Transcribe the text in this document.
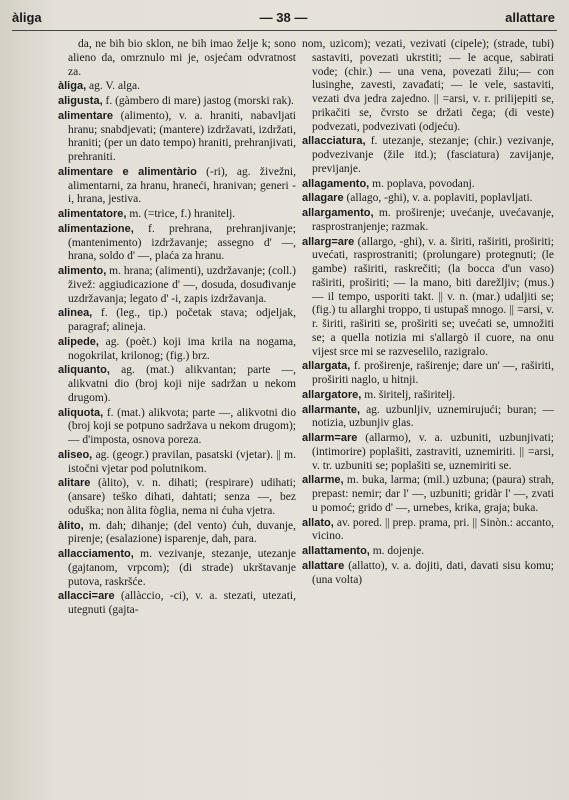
àliga	— 38 —	allattare

da, ne bih bio sklon, ne bih imao želje k; sono alieno da, omrznulo mi je, osjećam odvratnost za.

àliga, ag. V. alga.

aligusta, f. (gàmbero di mare) jastog (morski rak).

alimentare (alimento), v. a. hraniti, nabavljati hranu; snabdjevati; (mantere) izdržavati, izdržati, hraniti; (per un dato tempo) hraniti, prehranjivati, prehraniti.

alimentare e alimentàrio (-ri), ag. živežni, alimentarni, za hranu, hraneći, hranivan; generi -i, hrana, jestiva.

alimentatore, m. (=trice, f.) hranitelj.

alimentazione, f. prehrana, prehranjivanje; (mantenimento) izdržavanje; assegno d' —, hrana, soldo d' —, plaća za hranu.

alimento, m. hrana; (alimenti), uzdržavanje; (coll.) živež: aggiudicazione d' —, dosuda, dosuđivanje uzdržavanja; legato d' -i, zapis izdržavanja.

alinea, f. (leg., tip.) početak stava; odjeljak, paragraf; alineja.

alipede, ag. (poèt.) koji ima krila na nogama, nogokrilat, krilonog; (fig.) brz.

aliquanto, ag. (mat.) alikvantan; parte —, alikvatni dio (broj koji nije sadržan u nekom drugom).

aliquota, f. (mat.) alikvota; parte —, alikvotni dio (broj koji se potpuno sadržava u nekom drugom); — d'imposta, osnova poreza.

aliseo, ag. (geogr.) pravilan, pasatski (vjetar). || m. istočni vjetar pod polutnikom.

alitare (àlito), v. n. dihati; (respirare) udihati; (ansare) teško dihati, dahtati; senza —, bez oduška; non àlita fòglia, nema ni ćuha vjetra.

àlito, m. dah; dihanje; (del vento) ćuh, duvanje, pirenje; (esalazione) isparenje, dah, para.

allacciamento, m. vezivanje, stezanje, utezanje (gajtanom, vrpcom); (di strade) ukrštavanje putova, raskršće.

allacci=are (allàccio, -ci), v. a. stezati, utezati, utegnuti (gajta-

nom, uzicom); vezati, vezivati (cipele); (strade, tubi) sastaviti, povezati ukrstiti; — le acque, sabirati vode; (chir.) — una vena, povezati žilu;— con lusinghe, zavesti, zavađati; — le vele, sastaviti, vezati dva jedra zajedno. || =arsi, v. r. prilijepiti se, prikačiti se, čvrsto se držati čega; (di veste) podvezati, podvezivati (odjeću).

allacciatura, f. utezanje, stezanje; (chir.) vezivanje, podvezivanje (žile itd.); (fasciatura) zavijanje, previjanje.

allagamento, m. poplava, povodanj.

allagare (allago, -ghi), v. a. poplaviti, poplavljati.

allargamento, m. proširenje; uvećanje, uvećavanje, rasprostranjenje; razmak.

allarg=are (allargo, -ghi), v. a. širiti, raširiti, proširiti; uvećati, rasprostraniti; (prolungare) protegnuti; (le gambe) raširiti, raskrečiti; (la bocca d'un vaso) raširiti, proširiti; — la mano, biti darežljiv; (mus.) — il tempo, usporiti takt. || v. n. (mar.) udaljiti se; (fig.) tu allarghi troppo, ti ustupaš mnogo. || =arsi, v. r. širiti, raširiti se, proširiti se; uvećati se, umnožiti se; a quella notizia mi s'allargò il cuore, na onu vijest srce mi se razveselilo, razigralo.

allargata, f. proširenje, raširenje; dare un' —, raširiti, proširiti naglo, u hitnji.

allargatore, m. širitelj, raširitelj.

allarmante, ag. uzbunljiv, uznemirujući; buran; — notizia, uzbunjiv glas.

allarm=are (allarmo), v. a. uzbuniti, uzbunjivati; (intimorire) poplašiti, zastraviti, uznemiriti. || =arsi, v. tr. uzbuniti se; poplašiti se, uznemiriti se.

allarme, m. buka, larma; (mil.) uzbuna; (paura) strah, prepast: nemir; dar l' —, uzbuniti; gridàr l' —, zvati u pomoć; grido d' —, urnebes, krika, graja; buka.

allato, av. pored. || prep. prama, pri. || Sinòn.: accanto, vicino.

allattamento, m. dojenje.

allattare (allatto), v. a. dojiti, dati, davati sisu komu; (una volta)
